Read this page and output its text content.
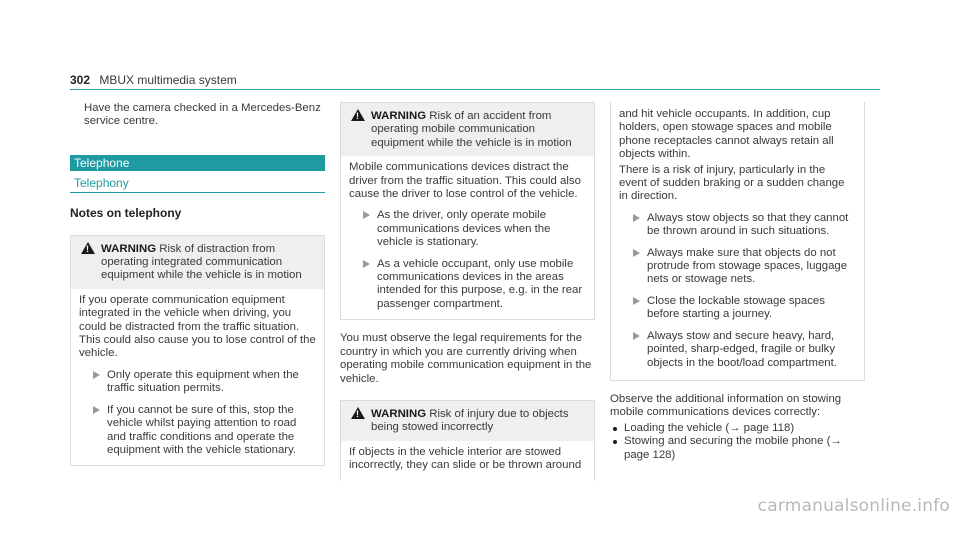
302 MBUX multimedia system

Have the camera checked in a Mercedes-Benz service centre.

Telephone
Telephony
Notes on telephony
!
WARNING Risk of distraction from operating integrated communication equipment while the vehicle is in motion

If you operate communication equipment integrated in the vehicle when driving, you could be distracted from the traffic situation. This could also cause you to lose control of the vehicle.

Only operate this equipment when the traffic situation permits.
If you cannot be sure of this, stop the vehicle whilst paying attention to road and traffic conditions and operate the equipment with the vehicle stationary.
!
WARNING Risk of an accident from operating mobile communication equipment while the vehicle is in motion

Mobile communications devices distract the driver from the traffic situation. This could also cause the driver to lose control of the vehicle.

As the driver, only operate mobile communications devices when the vehicle is stationary.
As a vehicle occupant, only use mobile communications devices in the areas intended for this purpose, e.g. in the rear passenger compartment.

You must observe the legal requirements for the country in which you are currently driving when operating mobile communication equipment in the vehicle.

!
WARNING Risk of injury due to objects being stowed incorrectly

If objects in the vehicle interior are stowed incorrectly, they can slide or be thrown around

and hit vehicle occupants. In addition, cup holders, open stowage spaces and mobile phone receptacles cannot always retain all objects within.

There is a risk of injury, particularly in the event of sudden braking or a sudden change in direction.

Always stow objects so that they cannot be thrown around in such situations.
Always make sure that objects do not protrude from stowage spaces, luggage nets or stowage nets.
Close the lockable stowage spaces before starting a journey.
Always stow and secure heavy, hard, pointed, sharp-edged, fragile or bulky objects in the boot/load compartment.

Observe the additional information on stowing mobile communications devices correctly:

Loading the vehicle (→ page 118)
Stowing and securing the mobile phone (→ page 128)
carmanualsonline.info
